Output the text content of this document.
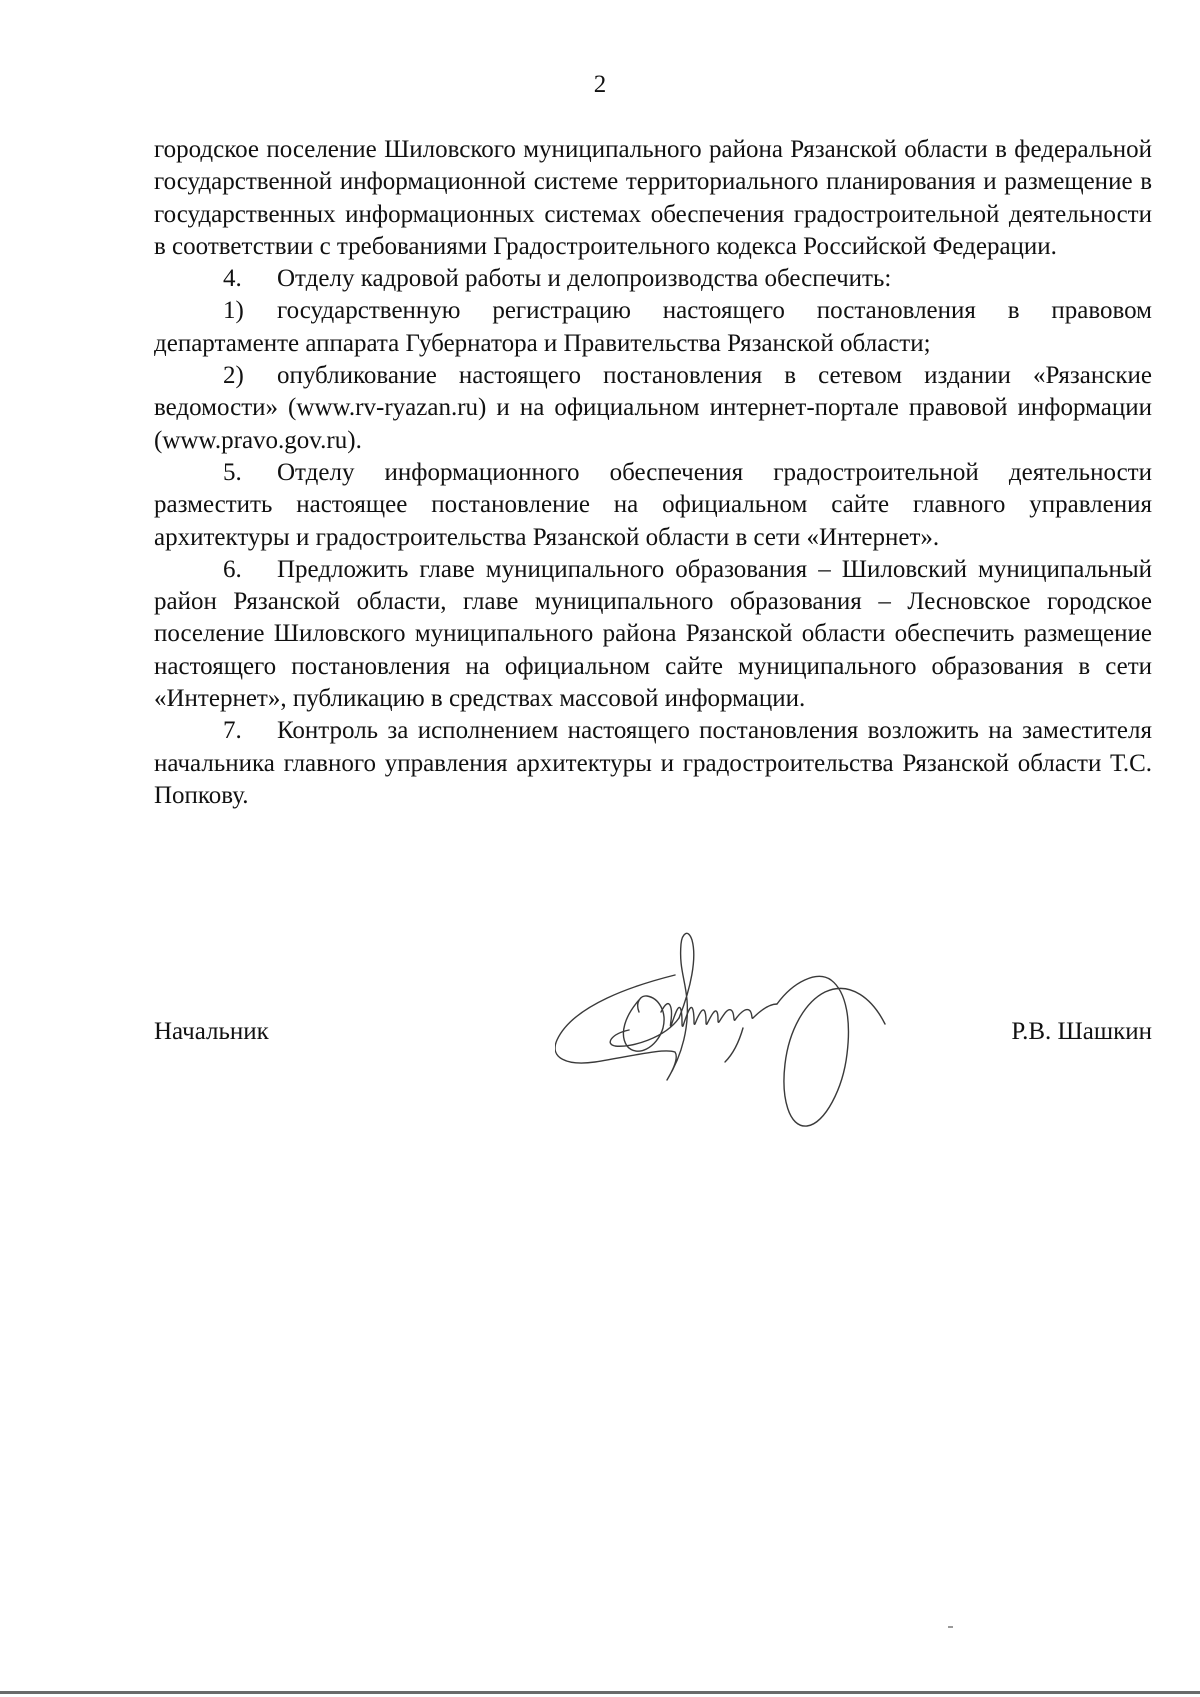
2

городское поселение Шиловского муниципального района Рязанской области в федеральной государственной информационной системе территориального планирования и размещение в государственных информационных системах обеспечения градостроительной деятельности в соответствии с требованиями Градостроительного кодекса Российской Федерации.

4. Отделу кадровой работы и делопроизводства обеспечить:

1) государственную регистрацию настоящего постановления в правовом департаменте аппарата Губернатора и Правительства Рязанской области;

2) опубликование настоящего постановления в сетевом издании «Рязанские ведомости» (www.rv-ryazan.ru) и на официальном интернет-портале правовой информации (www.pravo.gov.ru).

5. Отделу информационного обеспечения градостроительной деятельности разместить настоящее постановление на официальном сайте главного управления архитектуры и градостроительства Рязанской области в сети «Интернет».

6. Предложить главе муниципального образования – Шиловский муниципальный район Рязанской области, главе муниципального образования – Лесновское городское поселение Шиловского муниципального района Рязанской области обеспечить размещение настоящего постановления на официальном сайте муниципального образования в сети «Интернет», публикацию в средствах массовой информации.

7. Контроль за исполнением настоящего постановления возложить на заместителя начальника главного управления архитектуры и градостроительства Рязанской области Т.С. Попкову.

Начальник	Р.В. Шашкин
